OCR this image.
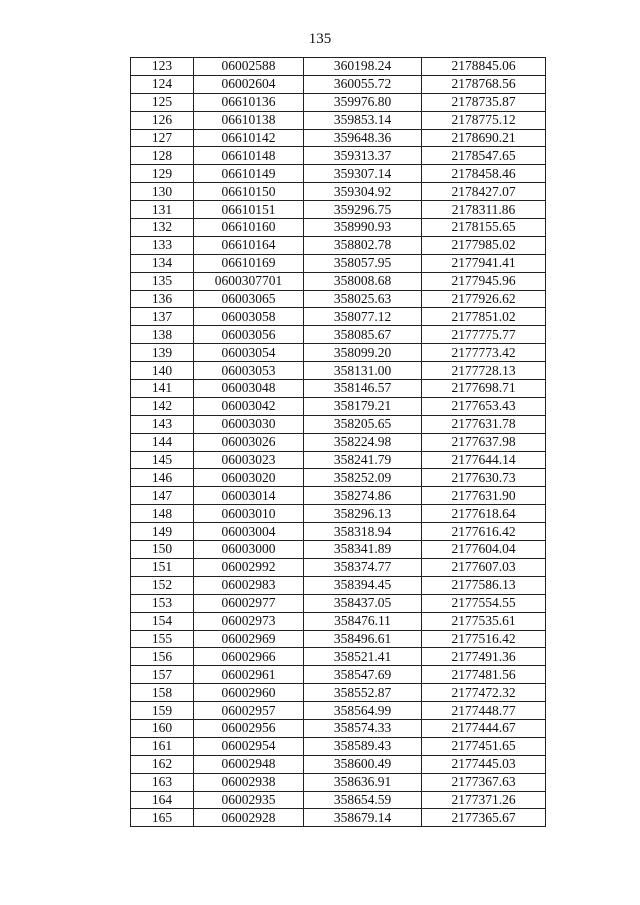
135
123	06002588	360198.24	2178845.06
124	06002604	360055.72	2178768.56
125	06610136	359976.80	2178735.87
126	06610138	359853.14	2178775.12
127	06610142	359648.36	2178690.21
128	06610148	359313.37	2178547.65
129	06610149	359307.14	2178458.46
130	06610150	359304.92	2178427.07
131	06610151	359296.75	2178311.86
132	06610160	358990.93	2178155.65
133	06610164	358802.78	2177985.02
134	06610169	358057.95	2177941.41
135	0600307701	358008.68	2177945.96
136	06003065	358025.63	2177926.62
137	06003058	358077.12	2177851.02
138	06003056	358085.67	2177775.77
139	06003054	358099.20	2177773.42
140	06003053	358131.00	2177728.13
141	06003048	358146.57	2177698.71
142	06003042	358179.21	2177653.43
143	06003030	358205.65	2177631.78
144	06003026	358224.98	2177637.98
145	06003023	358241.79	2177644.14
146	06003020	358252.09	2177630.73
147	06003014	358274.86	2177631.90
148	06003010	358296.13	2177618.64
149	06003004	358318.94	2177616.42
150	06003000	358341.89	2177604.04
151	06002992	358374.77	2177607.03
152	06002983	358394.45	2177586.13
153	06002977	358437.05	2177554.55
154	06002973	358476.11	2177535.61
155	06002969	358496.61	2177516.42
156	06002966	358521.41	2177491.36
157	06002961	358547.69	2177481.56
158	06002960	358552.87	2177472.32
159	06002957	358564.99	2177448.77
160	06002956	358574.33	2177444.67
161	06002954	358589.43	2177451.65
162	06002948	358600.49	2177445.03
163	06002938	358636.91	2177367.63
164	06002935	358654.59	2177371.26
165	06002928	358679.14	2177365.67
